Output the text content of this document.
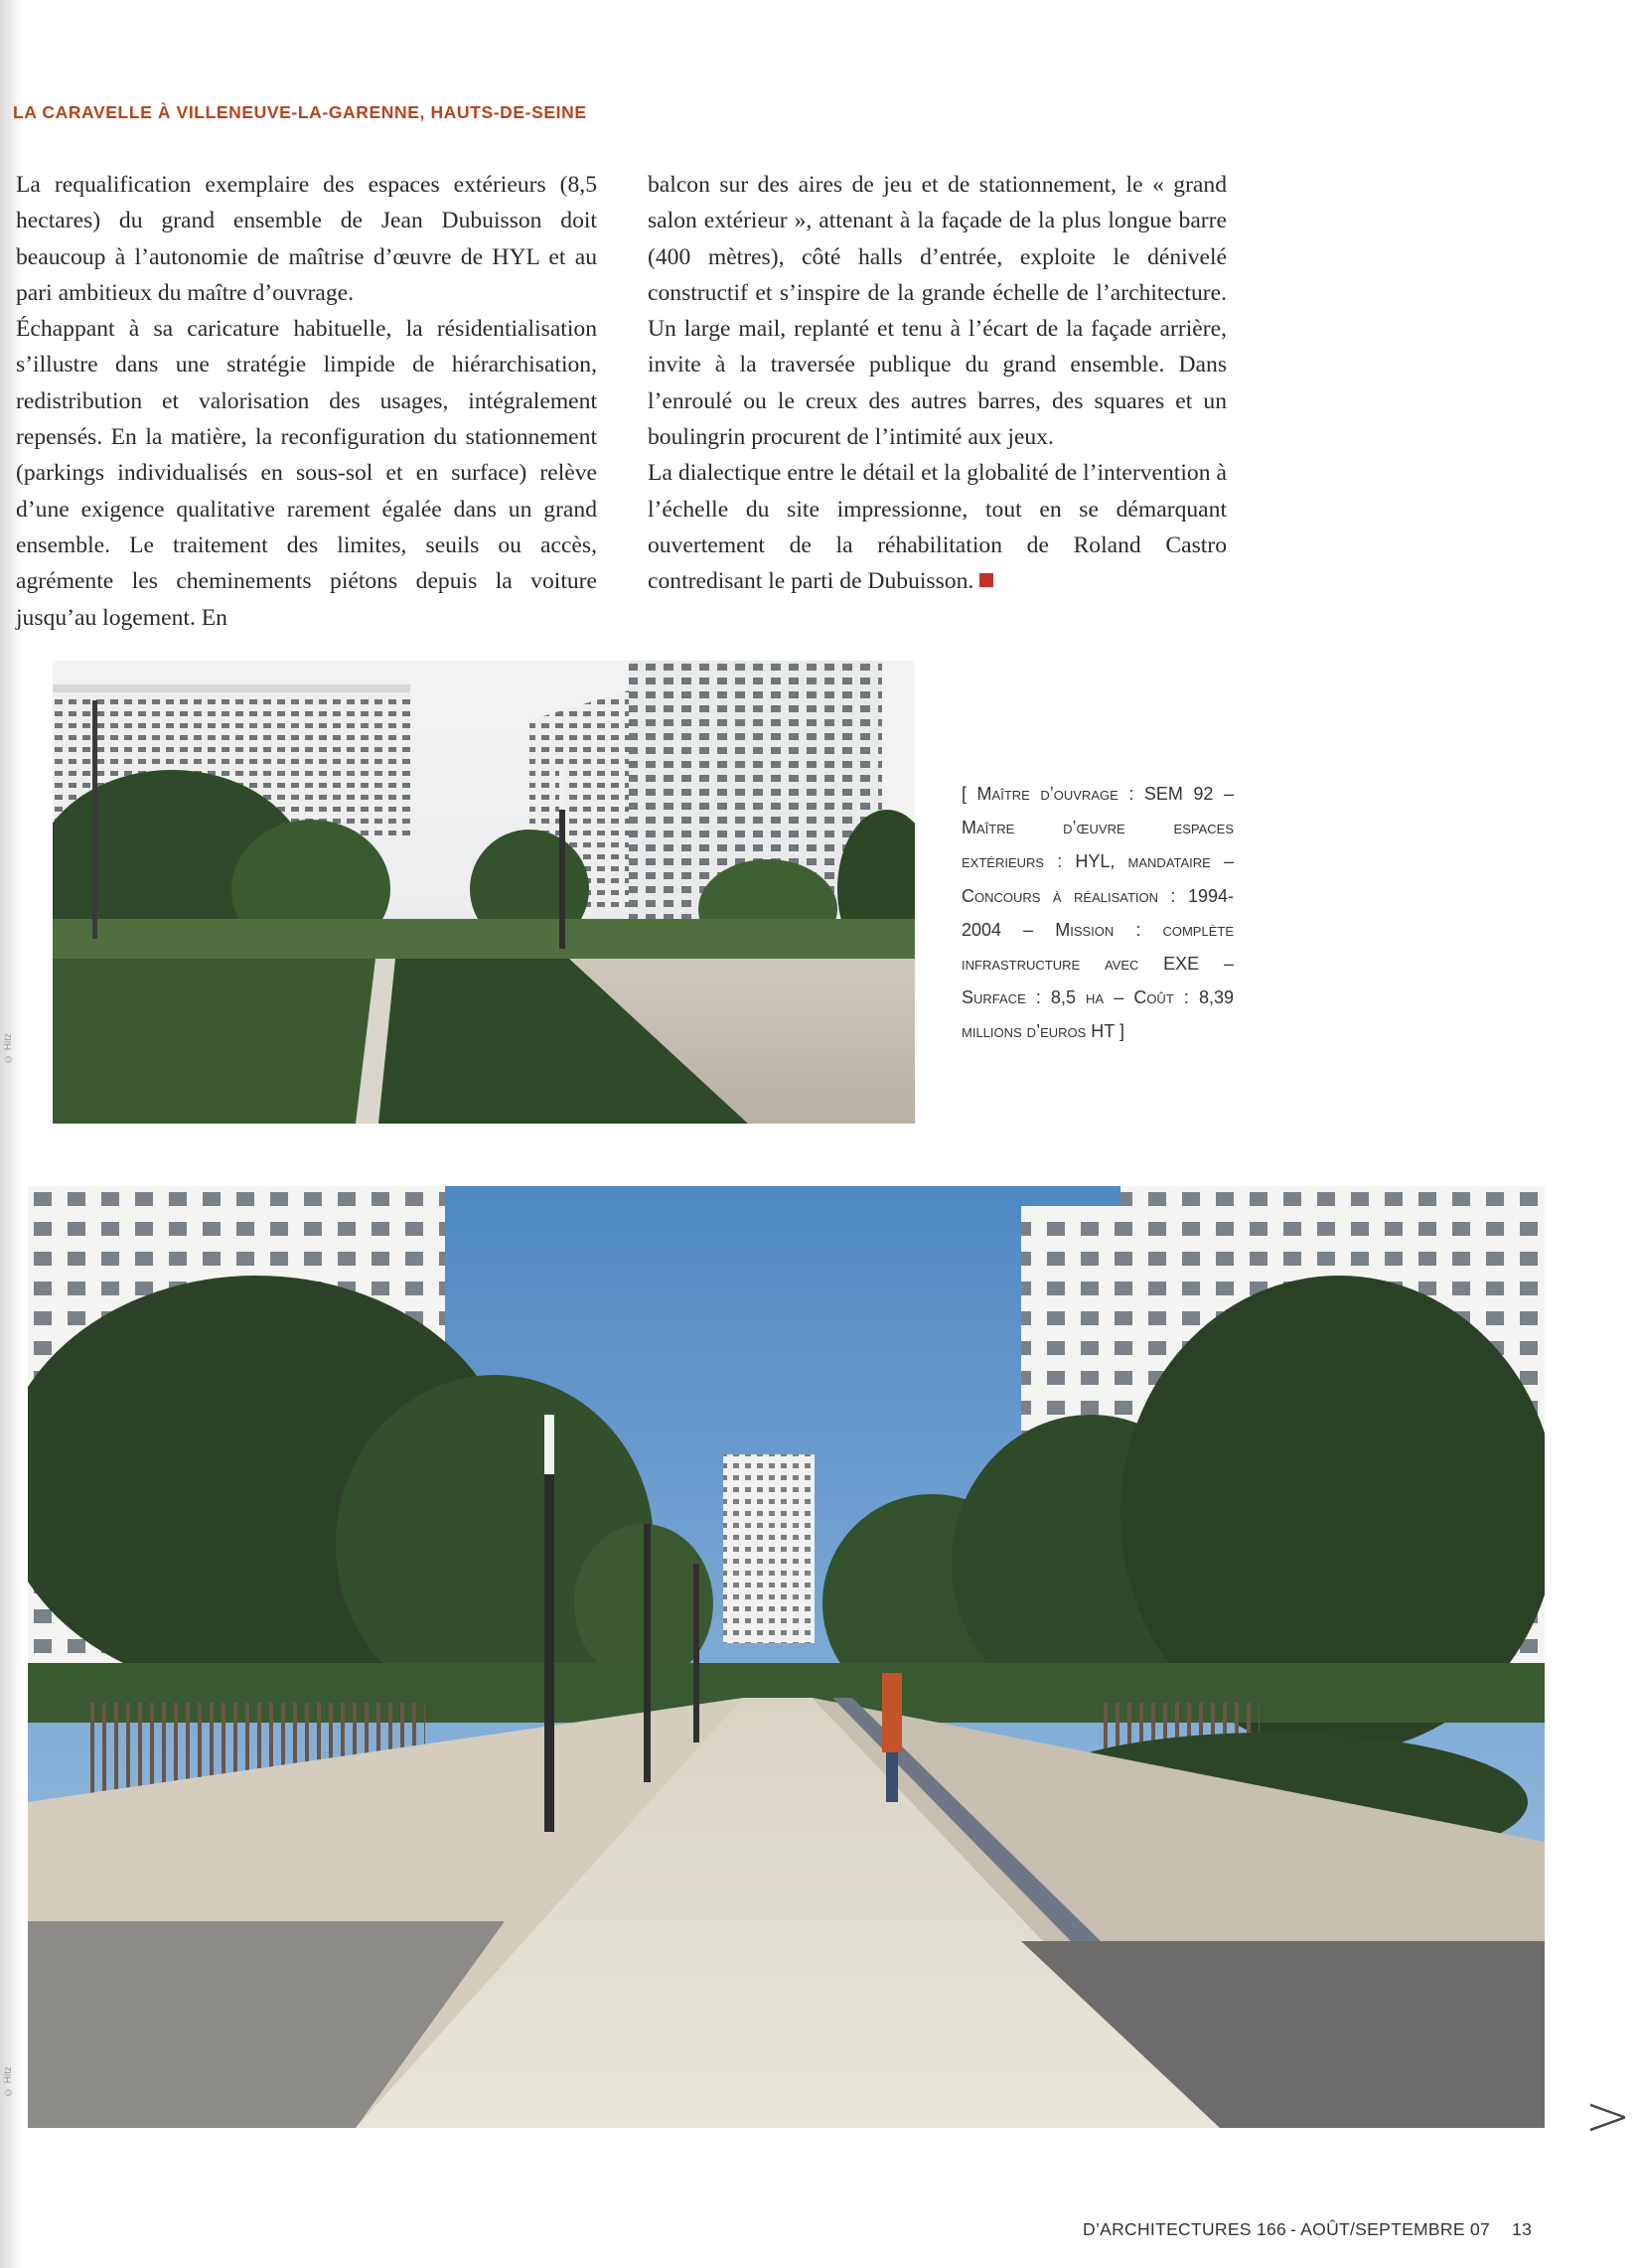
LA CARAVELLE À VILLENEUVE-LA-GARENNE, HAUTS-DE-SEINE

La requalification exemplaire des espaces extérieurs (8,5 hectares) du grand ensemble de Jean Dubuisson doit beaucoup à l’autonomie de maîtrise d’œuvre de HYL et au pari ambitieux du maître d’ouvrage.

Échappant à sa caricature habituelle, la résidentialisation s’illustre dans une stratégie limpide de hiérarchisation, redistribution et valorisation des usages, intégralement repensés. En la matière, la reconfiguration du stationnement (parkings individualisés en sous-sol et en surface) relève d’une exigence qualitative rarement égalée dans un grand ensemble. Le traitement des limites, seuils ou accès, agrémente les cheminements piétons depuis la voiture jusqu’au logement. En

balcon sur des aires de jeu et de stationnement, le « grand salon extérieur », attenant à la façade de la plus longue barre (400 mètres), côté halls d’entrée, exploite le dénivelé constructif et s’inspire de la grande échelle de l’architecture. Un large mail, replanté et tenu à l’écart de la façade arrière, invite à la traversée publique du grand ensemble. Dans l’enroulé ou le creux des autres barres, des squares et un boulingrin procurent de l’intimité aux jeux.

La dialectique entre le détail et la globalité de l’intervention à l’échelle du site impressionne, tout en se démarquant ouvertement de la réhabilitation de Roland Castro contredisant le parti de Dubuisson.

© Hitz
[ Maître d’ouvrage : SEM 92 – Maître d’œuvre espaces extérieurs : HYL, mandataire – Concours à réalisation : 1994-2004 – Mission : complète infrastructure avec EXE – Surface : 8,5 ha – Coût : 8,39 millions d’euros HT ]
© Hitz
>
D’ARCHITECTURES 166 - AOÛT/SEPTEMBRE 07 13
